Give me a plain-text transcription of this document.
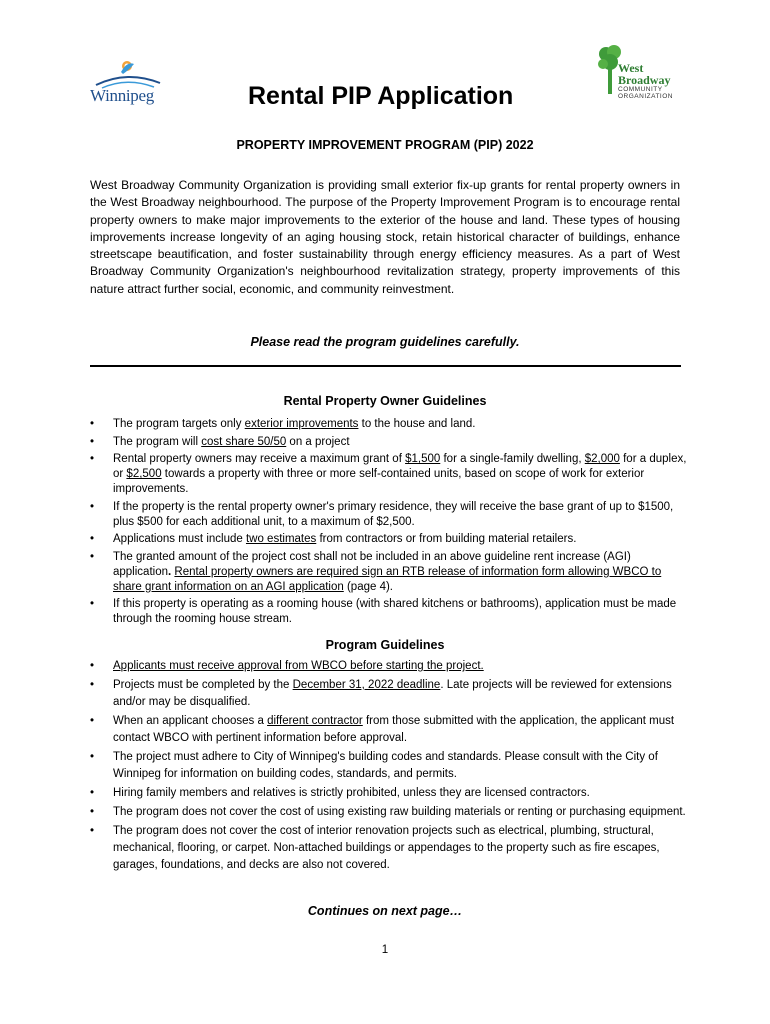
Winnipeg
West
Broadway
COMMUNITY
ORGANIZATION
Rental PIP Application
PROPERTY IMPROVEMENT PROGRAM (PIP) 2022
West Broadway Community Organization is providing small exterior fix-up grants for rental property owners in the West Broadway neighbourhood. The purpose of the Property Improvement Program is to encourage rental property owners to make major improvements to the exterior of the house and land. These types of housing improvements increase longevity of an aging housing stock, retain historical character of buildings, enhance streetscape beautification, and foster sustainability through energy efficiency measures. As a part of West Broadway Community Organization's neighbourhood revitalization strategy, property improvements of this nature attract further social, economic, and community reinvestment.
Please read the program guidelines carefully.
Rental Property Owner Guidelines
• The program targets only exterior improvements to the house and land.
• The program will cost share 50/50 on a project
• Rental property owners may receive a maximum grant of $1,500 for a single-family dwelling, $2,000 for a duplex, or $2,500 towards a property with three or more self-contained units, based on scope of work for exterior improvements.
• If the property is the rental property owner's primary residence, they will receive the base grant of up to $1500, plus $500 for each additional unit, to a maximum of $2,500.
• Applications must include two estimates from contractors or from building material retailers.
• The granted amount of the project cost shall not be included in an above guideline rent increase (AGI) application. Rental property owners are required sign an RTB release of information form allowing WBCO to share grant information on an AGI application (page 4).
• If this property is operating as a rooming house (with shared kitchens or bathrooms), application must be made through the rooming house stream.
Program Guidelines
• Applicants must receive approval from WBCO before starting the project.
• Projects must be completed by the December 31, 2022 deadline. Late projects will be reviewed for extensions and/or may be disqualified.
• When an applicant chooses a different contractor from those submitted with the application, the applicant must contact WBCO with pertinent information before approval.
• The project must adhere to City of Winnipeg's building codes and standards. Please consult with the City of Winnipeg for information on building codes, standards, and permits.
• Hiring family members and relatives is strictly prohibited, unless they are licensed contractors.
• The program does not cover the cost of using existing raw building materials or renting or purchasing equipment.
• The program does not cover the cost of interior renovation projects such as electrical, plumbing, structural, mechanical, flooring, or carpet. Non-attached buildings or appendages to the property such as fire escapes, garages, foundations, and decks are also not covered.
Continues on next page…
1
